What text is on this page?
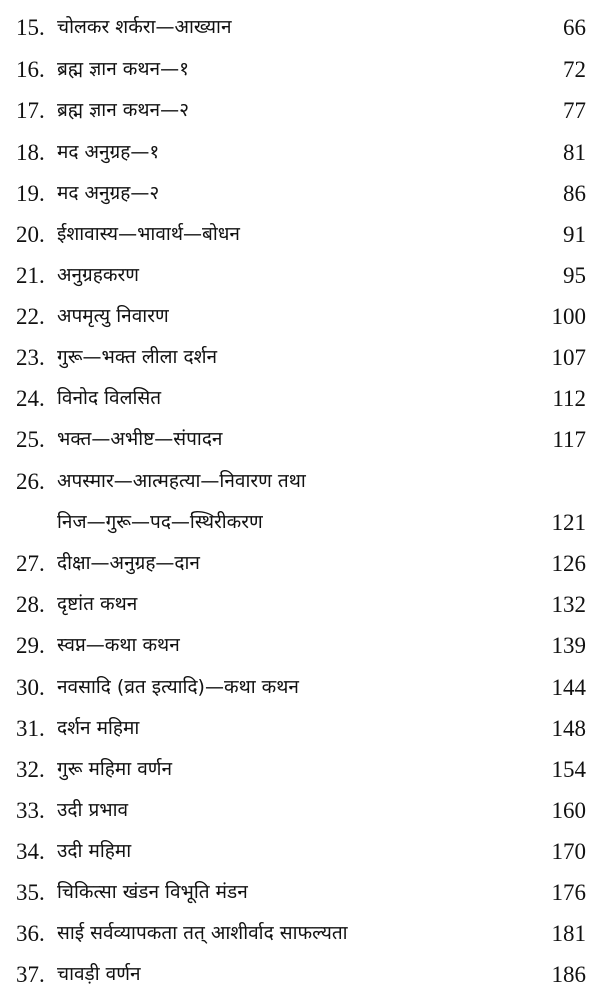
15. चोलकर शर्करा—आख्यान	66
16. ब्रह्म ज्ञान कथन—१	72
17. ब्रह्म ज्ञान कथन—२	77
18. मद अनुग्रह—१	81
19. मद अनुग्रह—२	86
20. ईशावास्य—भावार्थ—बोधन	91
21. अनुग्रहकरण	95
22. अपमृत्यु निवारण	100
23. गुरू—भक्त लीला दर्शन	107
24. विनोद विलसित	112
25. भक्त—अभीष्ट—संपादन	117
26. अपस्मार—आत्महत्या—निवारण तथा
निज—गुरू—पद—स्थिरीकरण	121
27. दीक्षा—अनुग्रह—दान	126
28. दृष्टांत कथन	132
29. स्वप्न—कथा कथन	139
30. नवसादि (व्रत इत्यादि)—कथा कथन	144
31. दर्शन महिमा	148
32. गुरू महिमा वर्णन	154
33. उदी प्रभाव	160
34. उदी महिमा	170
35. चिकित्सा खंडन विभूति मंडन	176
36. साई सर्वव्यापकता तत् आशीर्वाद साफल्यता	181
37. चावड़ी वर्णन	186
